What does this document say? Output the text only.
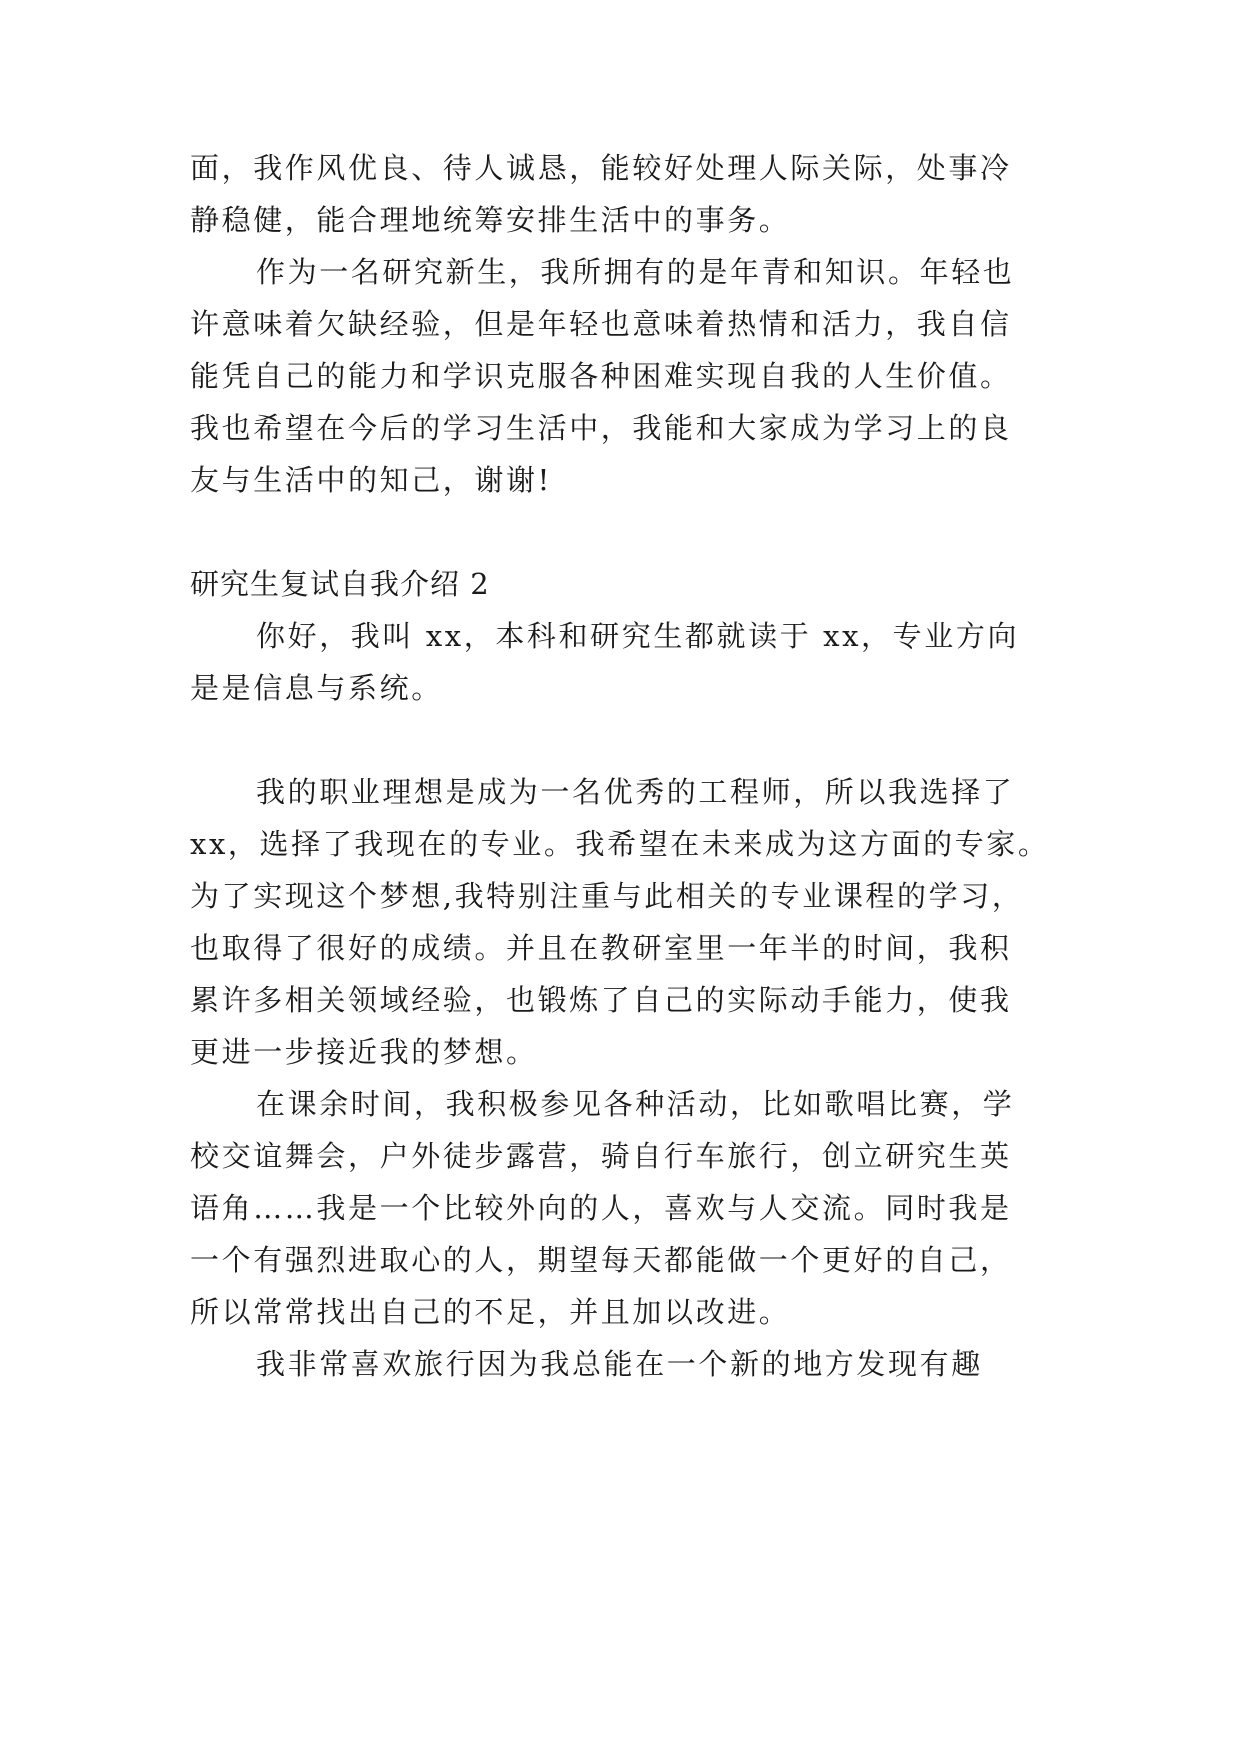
面，我作风优良、待人诚恳，能较好处理人际关际，处事冷
静稳健，能合理地统筹安排生活中的事务。
作为一名研究新生，我所拥有的是年青和知识。年轻也
许意味着欠缺经验，但是年轻也意味着热情和活力，我自信
能凭自己的能力和学识克服各种困难实现自我的人生价值。
我也希望在今后的学习生活中，我能和大家成为学习上的良
友与生活中的知己，谢谢!
研究生复试自我介绍 2
你好，我叫 xx，本科和研究生都就读于 xx，专业方向
是是信息与系统。
我的职业理想是成为一名优秀的工程师，所以我选择了
xx，选择了我现在的专业。我希望在未来成为这方面的专家。
为了实现这个梦想,我特别注重与此相关的专业课程的学习，
也取得了很好的成绩。并且在教研室里一年半的时间，我积
累许多相关领域经验，也锻炼了自己的实际动手能力，使我
更进一步接近我的梦想。
在课余时间，我积极参见各种活动，比如歌唱比赛，学
校交谊舞会，户外徒步露营，骑自行车旅行，创立研究生英
语角……我是一个比较外向的人，喜欢与人交流。同时我是
一个有强烈进取心的人，期望每天都能做一个更好的自己，
所以常常找出自己的不足，并且加以改进。
我非常喜欢旅行因为我总能在一个新的地方发现有趣
